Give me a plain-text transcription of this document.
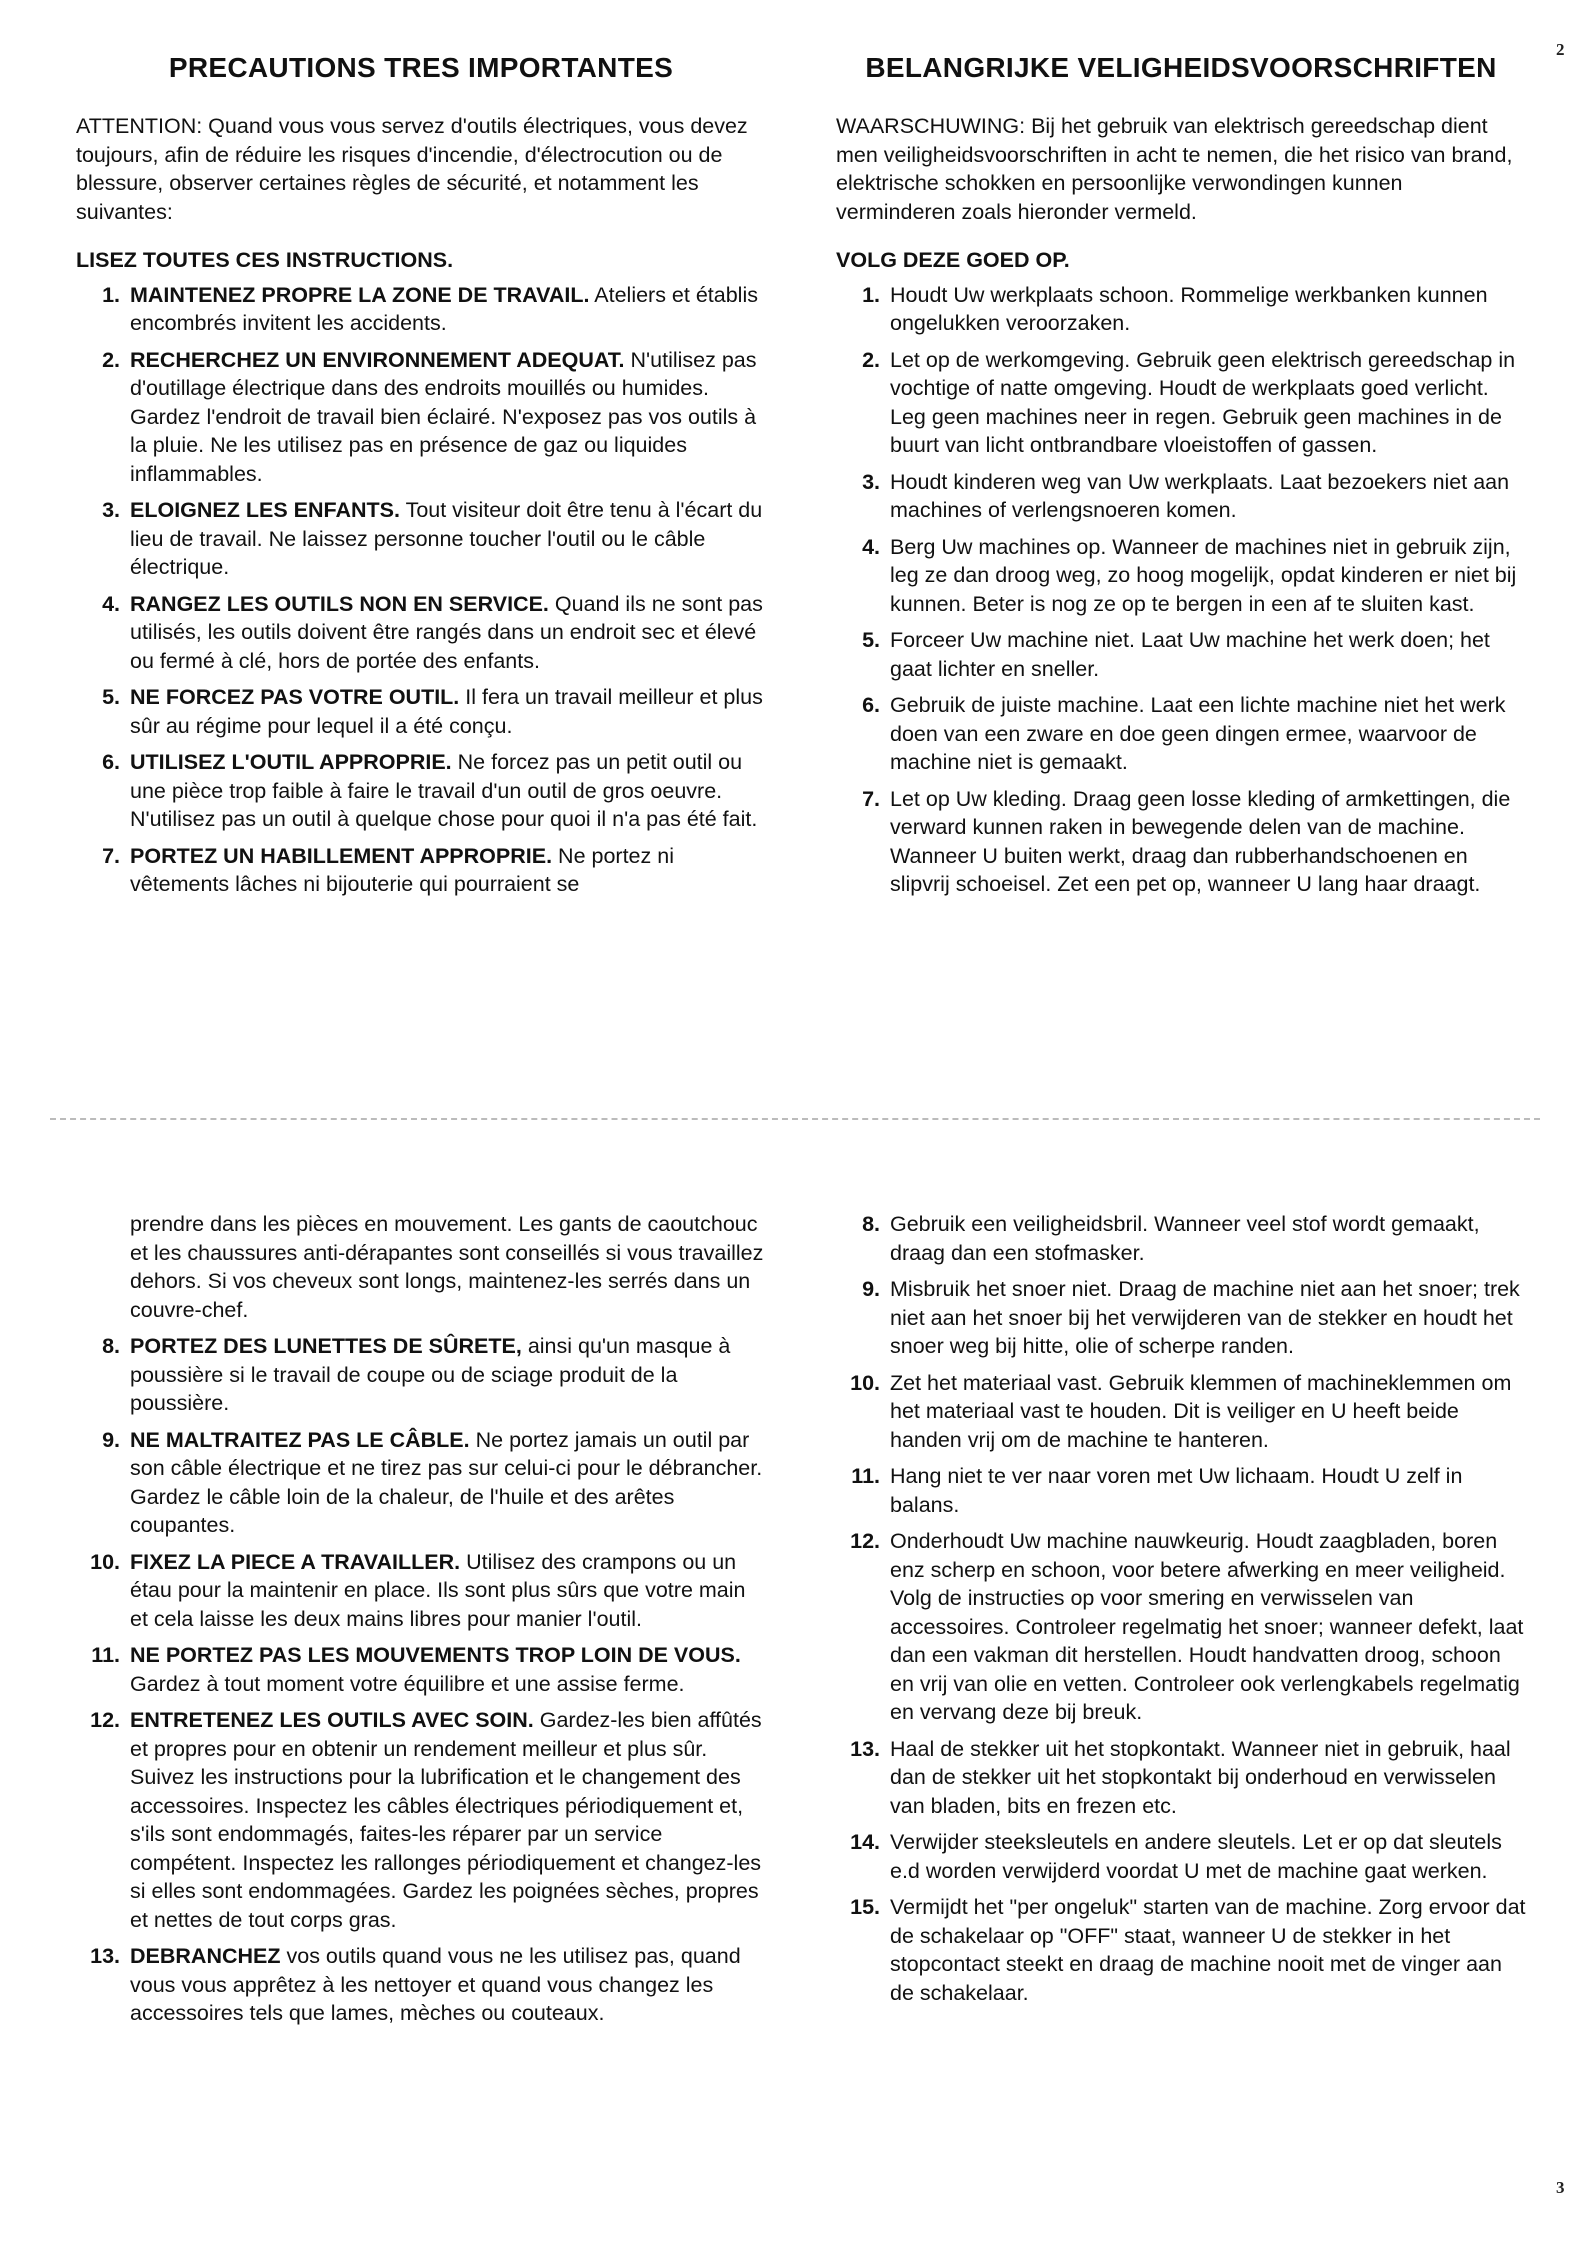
2
3
PRECAUTIONS TRES IMPORTANTES

ATTENTION: Quand vous vous servez d'outils électriques, vous devez toujours, afin de réduire les risques d'incendie, d'électrocution ou de blessure, observer certaines règles de sécurité, et notamment les suivantes:

LISEZ TOUTES CES INSTRUCTIONS.

1. MAINTENEZ PROPRE LA ZONE DE TRAVAIL. Ateliers et établis encombrés invitent les accidents.
2. RECHERCHEZ UN ENVIRONNEMENT ADEQUAT. N'utilisez pas d'outillage électrique dans des endroits mouillés ou humides. Gardez l'endroit de travail bien éclairé. N'exposez pas vos outils à la pluie. Ne les utilisez pas en présence de gaz ou liquides inflammables.
3. ELOIGNEZ LES ENFANTS. Tout visiteur doit être tenu à l'écart du lieu de travail. Ne laissez personne toucher l'outil ou le câble électrique.
4. RANGEZ LES OUTILS NON EN SERVICE. Quand ils ne sont pas utilisés, les outils doivent être rangés dans un endroit sec et élevé ou fermé à clé, hors de portée des enfants.
5. NE FORCEZ PAS VOTRE OUTIL. Il fera un travail meilleur et plus sûr au régime pour lequel il a été conçu.
6. UTILISEZ L'OUTIL APPROPRIE. Ne forcez pas un petit outil ou une pièce trop faible à faire le travail d'un outil de gros oeuvre. N'utilisez pas un outil à quelque chose pour quoi il n'a pas été fait.
7. PORTEZ UN HABILLEMENT APPROPRIE. Ne portez ni vêtements lâches ni bijouterie qui pourraient se
BELANGRIJKE VELIGHEIDSVOORSCHRIFTEN

WAARSCHUWING: Bij het gebruik van elektrisch gereedschap dient men veiligheidsvoorschriften in acht te nemen, die het risico van brand, elektrische schokken en persoonlijke verwondingen kunnen verminderen zoals hieronder vermeld.

VOLG DEZE GOED OP.

1. Houdt Uw werkplaats schoon. Rommelige werkbanken kunnen ongelukken veroorzaken.
2. Let op de werkomgeving. Gebruik geen elektrisch gereedschap in vochtige of natte omgeving. Houdt de werkplaats goed verlicht. Leg geen machines neer in regen. Gebruik geen machines in de buurt van licht ontbrandbare vloeistoffen of gassen.
3. Houdt kinderen weg van Uw werkplaats. Laat bezoekers niet aan machines of verlengsnoeren komen.
4. Berg Uw machines op. Wanneer de machines niet in gebruik zijn, leg ze dan droog weg, zo hoog mogelijk, opdat kinderen er niet bij kunnen. Beter is nog ze op te bergen in een af te sluiten kast.
5. Forceer Uw machine niet. Laat Uw machine het werk doen; het gaat lichter en sneller.
6. Gebruik de juiste machine. Laat een lichte machine niet het werk doen van een zware en doe geen dingen ermee, waarvoor de machine niet is gemaakt.
7. Let op Uw kleding. Draag geen losse kleding of armkettingen, die verward kunnen raken in bewegende delen van de machine. Wanneer U buiten werkt, draag dan rubberhandschoenen en slipvrij schoeisel. Zet een pet op, wanneer U lang haar draagt.

prendre dans les pièces en mouvement. Les gants de caoutchouc et les chaussures anti-dérapantes sont conseillés si vous travaillez dehors. Si vos cheveux sont longs, maintenez-les serrés dans un couvre-chef.

8. PORTEZ DES LUNETTES DE SÛRETE, ainsi qu'un masque à poussière si le travail de coupe ou de sciage produit de la poussière.
9. NE MALTRAITEZ PAS LE CÂBLE. Ne portez jamais un outil par son câble électrique et ne tirez pas sur celui-ci pour le débrancher. Gardez le câble loin de la chaleur, de l'huile et des arêtes coupantes.
10. FIXEZ LA PIECE A TRAVAILLER. Utilisez des crampons ou un étau pour la maintenir en place. Ils sont plus sûrs que votre main et cela laisse les deux mains libres pour manier l'outil.
11. NE PORTEZ PAS LES MOUVEMENTS TROP LOIN DE VOUS. Gardez à tout moment votre équilibre et une assise ferme.
12. ENTRETENEZ LES OUTILS AVEC SOIN. Gardez-les bien affûtés et propres pour en obtenir un rendement meilleur et plus sûr. Suivez les instructions pour la lubrification et le changement des accessoires. Inspectez les câbles électriques périodiquement et, s'ils sont endommagés, faites-les réparer par un service compétent. Inspectez les rallonges périodiquement et changez-les si elles sont endommagées. Gardez les poignées sèches, propres et nettes de tout corps gras.
13. DEBRANCHEZ vos outils quand vous ne les utilisez pas, quand vous vous apprêtez à les nettoyer et quand vous changez les accessoires tels que lames, mèches ou couteaux.
8. Gebruik een veiligheidsbril. Wanneer veel stof wordt gemaakt, draag dan een stofmasker.
9. Misbruik het snoer niet. Draag de machine niet aan het snoer; trek niet aan het snoer bij het verwijderen van de stekker en houdt het snoer weg bij hitte, olie of scherpe randen.
10. Zet het materiaal vast. Gebruik klemmen of machineklemmen om het materiaal vast te houden. Dit is veiliger en U heeft beide handen vrij om de machine te hanteren.
11. Hang niet te ver naar voren met Uw lichaam. Houdt U zelf in balans.
12. Onderhoudt Uw machine nauwkeurig. Houdt zaagbladen, boren enz scherp en schoon, voor betere afwerking en meer veiligheid. Volg de instructies op voor smering en verwisselen van accessoires. Controleer regelmatig het snoer; wanneer defekt, laat dan een vakman dit herstellen. Houdt handvatten droog, schoon en vrij van olie en vetten. Controleer ook verlengkabels regelmatig en vervang deze bij breuk.
13. Haal de stekker uit het stopkontakt. Wanneer niet in gebruik, haal dan de stekker uit het stopkontakt bij onderhoud en verwisselen van bladen, bits en frezen etc.
14. Verwijder steeksleutels en andere sleutels. Let er op dat sleutels e.d worden verwijderd voordat U met de machine gaat werken.
15. Vermijdt het "per ongeluk" starten van de machine. Zorg ervoor dat de schakelaar op "OFF" staat, wanneer U de stekker in het stopcontact steekt en draag de machine nooit met de vinger aan de schakelaar.
